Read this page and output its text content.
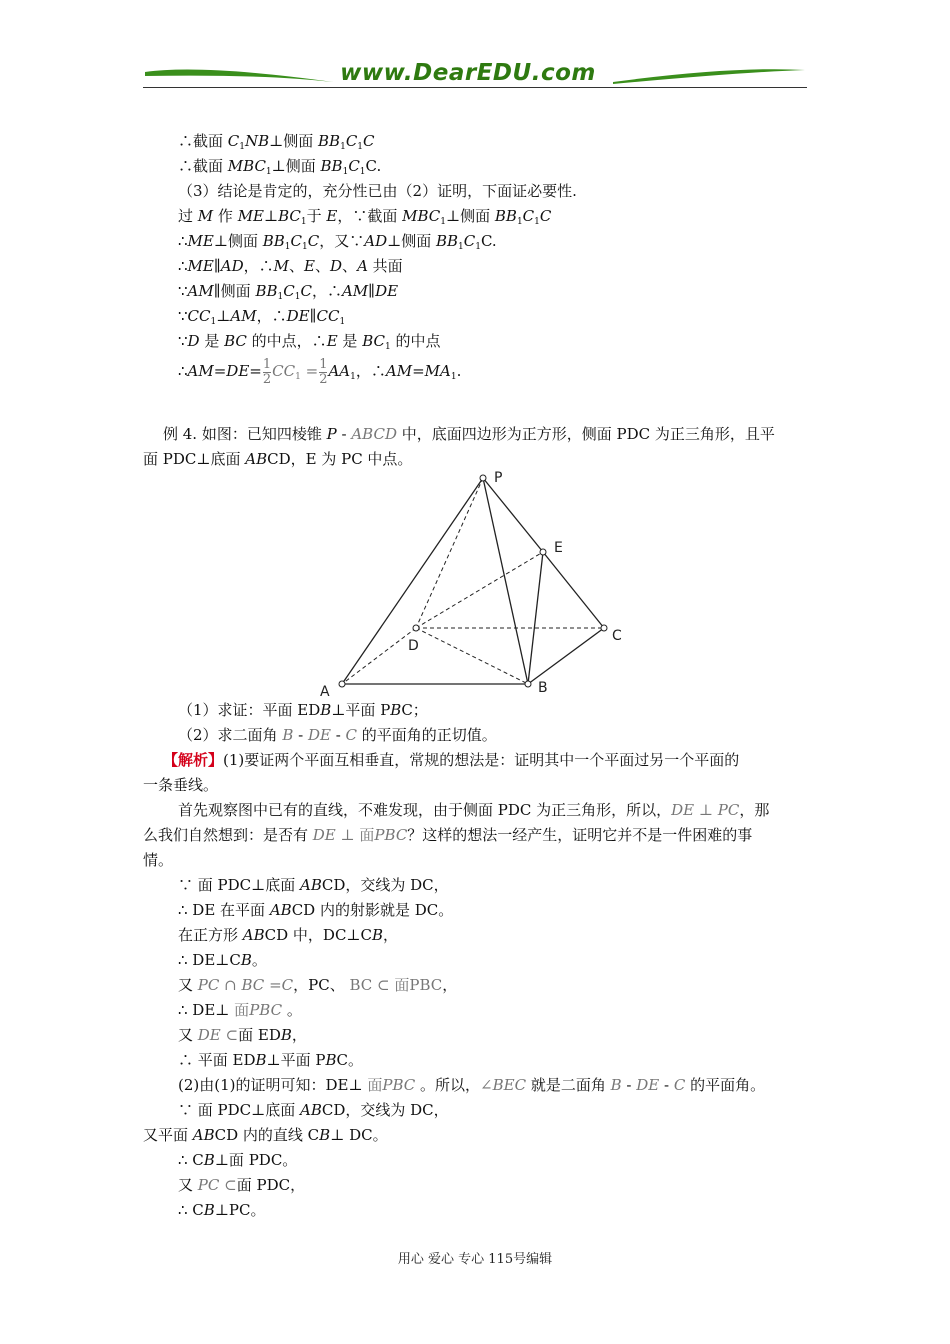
www.DearEDU.com
∴截面 $C_1NB\perp$侧面 $BB_1C_1C$
∴截面 $MBC_1\perp$侧面 $BB_1C_1C$.
（3）结论是肯定的，充分性已由（2）证明，下面证必要性.
过 M 作 $ME\perp BC_1$于 E，∵截面 $MBC_1\perp$侧面 $BB_1C_1C$
∴ME⊥侧面 $BB_1C_1C$，又∵AD⊥侧面 $BB_1C_1C$.
∴ME∥AD，∴M、E、D、A 共面
∵AM∥侧面 $BB_1C_1C$，∴AM∥DE
$\because CC_1\perp AM$，$\therefore DE\parallel CC_1$
∵D 是 BC 的中点，∴E 是 $BC_1$ 的中点
∴AM=DE= $\frac{1}{2} CC_1 = \frac{1}{2} AA_1$，$\therefore AM=MA_1$.
例 4. 如图：已知四棱锥 P - ABCD 中，底面四边形为正方形，侧面 PDC 为正三角形，且平
面 PDC⊥底面 ABCD，E 为 PC 中点。
P
E
C
D
A	B
（1）求证：平面 EDB⊥平面 PBC；
（2）求二面角 B - DE - C 的平面角的正切值。
【解析】(1)要证两个平面互相垂直，常规的想法是：证明其中一个平面过另一个平面的
一条垂线。
首先观察图中已有的直线，不难发现，由于侧面 PDC 为正三角形，所以，DE ⊥ PC，那
么我们自然想到：是否有 DE ⊥ 面PBC？这样的想法一经产生，证明它并不是一件困难的事
情。
∵ 面 PDC⊥底面 ABCD，交线为 DC，
∴ DE 在平面 ABCD 内的射影就是 DC。
在正方形 ABCD 中，DC⊥CB，
∴ DE⊥CB。
又 PC ∩ BC =C，PC、 BC ⊂ 面PBC，
∴ DE⊥ 面PBC 。
又 DE ⊂面 EDB，
∴ 平面 EDB⊥平面 PBC。
(2)由(1)的证明可知：DE⊥ 面PBC 。所以，∠BEC 就是二面角 B - DE - C 的平面角。
∵ 面 PDC⊥底面 ABCD，交线为 DC，
又平面 ABCD 内的直线 CB⊥ DC。
∴ CB⊥面 PDC。
又 PC ⊂面 PDC，
∴ CB⊥PC。
用心 爱心 专心 115号编辑
